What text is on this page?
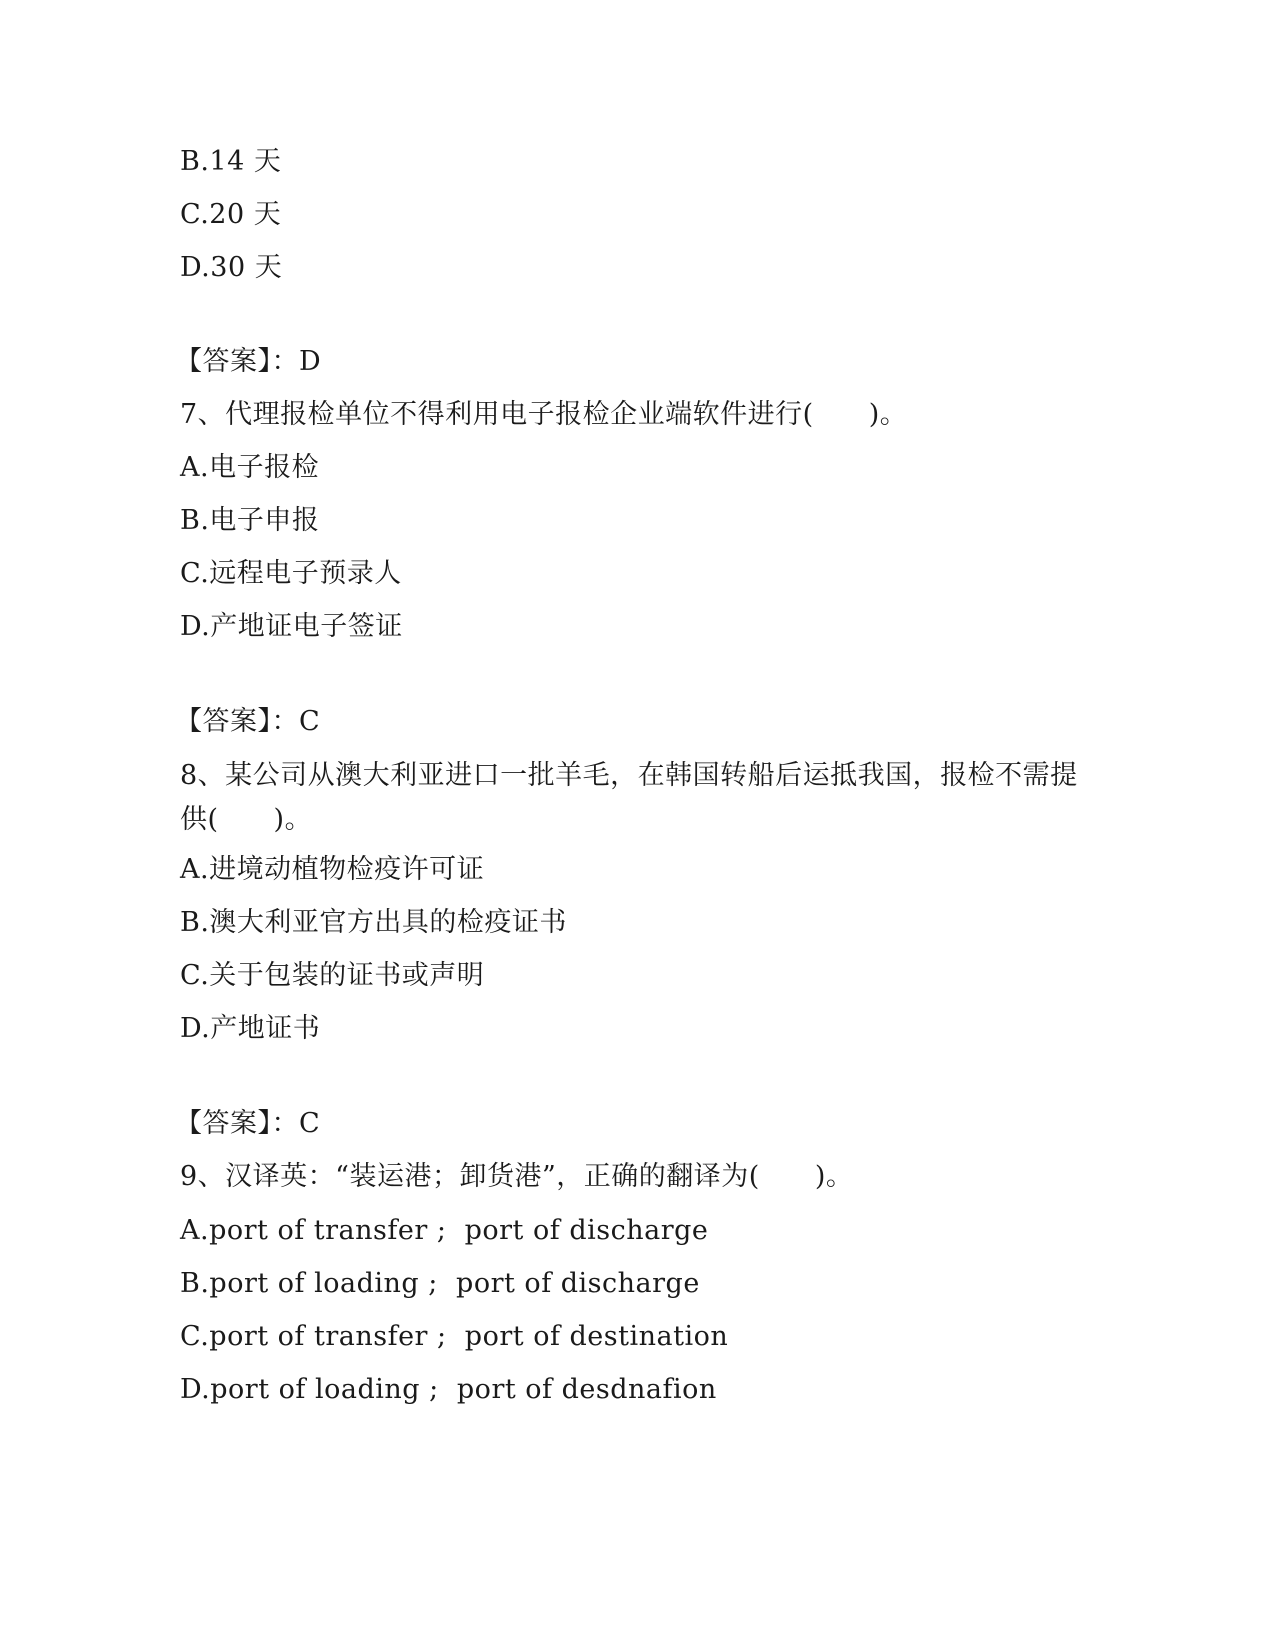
B.14 天
C.20 天
D.30 天
【答案】：D
7、代理报检单位不得利用电子报检企业端软件进行(　　)。
A.电子报检
B.电子申报
C.远程电子预录人
D.产地证电子签证
【答案】：C
8、某公司从澳大利亚进口一批羊毛，在韩国转船后运抵我国，报检不需提供(　　)。
A.进境动植物检疫许可证
B.澳大利亚官方出具的检疫证书
C.关于包装的证书或声明
D.产地证书
【答案】：C
9、汉译英：“装运港；卸货港”，正确的翻译为(　　)。
A.port of transfer ;  port of discharge
B.port of loading ;  port of discharge
C.port of transfer ;  port of destination
D.port of loading ;  port of desdnafion
